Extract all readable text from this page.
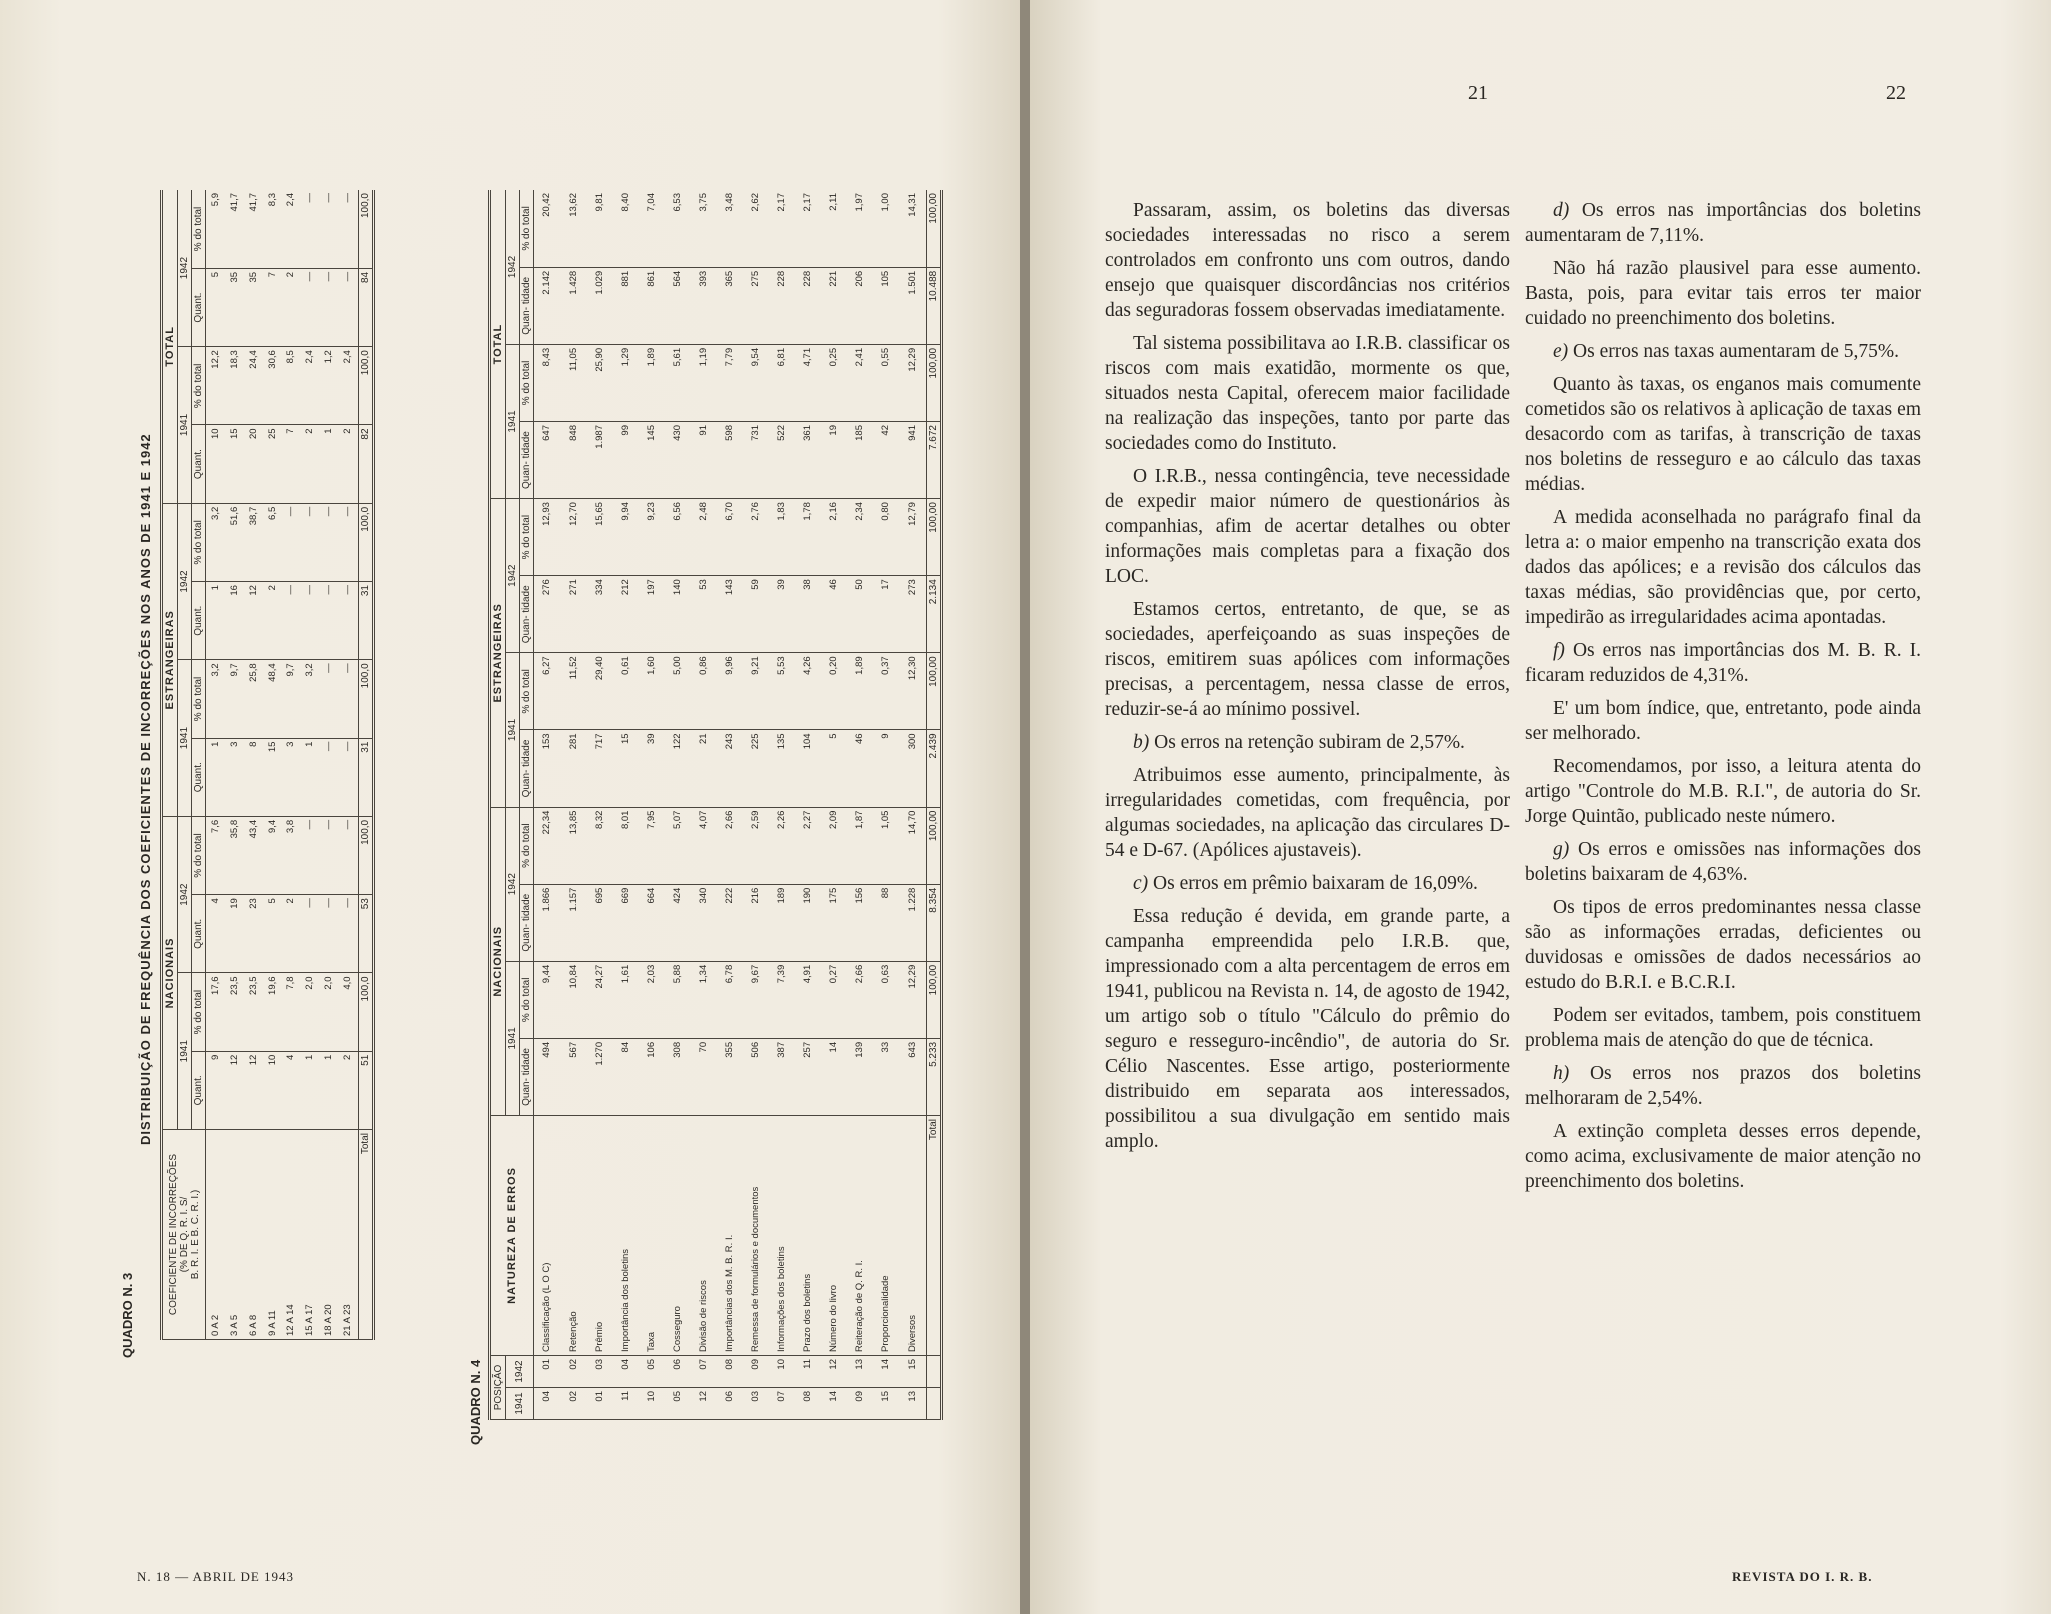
QUADRO N. 3
DISTRIBUIÇÃO DE FREQUÊNCIA DOS COEFICIENTES DE INCORREÇÕES NOS ANOS DE 1941 E 1942
COEFICIENTE DE INCORREÇÕES (% DE Q. R. I. S/ B. R. I. E B. C. R. I.)	NACIONAIS				ESTRANGEIRAS				TOTAL			
	1941		1942		1941		1942		1941		1942	
	Quant.	% do total	Quant.	% do total	Quant.	% do total	Quant.	% do total	Quant.	% do total	Quant.	% do total
0 A 2	9	17,6	4	7,6	1	3,2	1	3,2	10	12,2	5	5,9
3 A 5	12	23,5	19	35,8	3	9,7	16	51,6	15	18,3	35	41,7
6 A 8	12	23,5	23	43,4	8	25,8	12	38,7	20	24,4	35	41,7
9 A 11	10	19,6	5	9,4	15	48,4	2	6,5	25	30,6	7	8,3
12 A 14	4	7,8	2	3,8	3	9,7	—	—	7	8,5	2	2,4
15 A 17	1	2,0	—	—	1	3,2	—	—	2	2,4	—	—
18 A 20	1	2,0	—	—	—	—	—	—	1	1,2	—	—
21 A 23	2	4,0	—	—	—	—	—	—	2	2,4	—	—
Total	51	100,0	53	100,0	31	100,0	31	100,0	82	100,0	84	100,0
QUADRO N. 4 POSIÇÃO		NATUREZA DE ERROS	NACIONAIS				ESTRANGEIRAS				TOTAL			
1941	1942		1941		1942		1941		1942		1941		1942	
			Quan- tidade	% do total	Quan- tidade	% do total	Quan- tidade	% do total	Quan- tidade	% do total	Quan- tidade	% do total	Quan- tidade	% do total
04	01	Classificação (L O C)	494	9,44	1.866	22,34	153	6,27	276	12,93	647	8,43	2.142	20,42
02	02	Retenção	567	10,84	1.157	13,85	281	11,52	271	12,70	848	11,05	1.428	13,62
01	03	Prêmio	1.270	24,27	695	8,32	717	29,40	334	15,65	1.987	25,90	1.029	9,81
11	04	Importância dos boletins	84	1,61	669	8,01	15	0,61	212	9,94	99	1,29	881	8,40
10	05	Taxa	106	2,03	664	7,95	39	1,60	197	9,23	145	1,89	861	7,04
05	06	Cosseguro	308	5,88	424	5,07	122	5,00	140	6,56	430	5,61	564	6,53
12	07	Divisão de riscos	70	1,34	340	4,07	21	0,86	53	2,48	91	1,19	393	3,75
06	08	Importâncias dos M. B. R. I.	355	6,78	222	2,66	243	9,96	143	6,70	598	7,79	365	3,48
03	09	Remessa de formulários e documentos	506	9,67	216	2,59	225	9,21	59	2,76	731	9,54	275	2,62
07	10	Informações dos boletins	387	7,39	189	2,26	135	5,53	39	1,83	522	6,81	228	2,17
08	11	Prazo dos boletins	257	4,91	190	2,27	104	4,26	38	1,78	361	4,71	228	2,17
14	12	Número do livro	14	0,27	175	2,09	5	0,20	46	2,16	19	0,25	221	2,11
09	13	Reiteração de Q. R. I.	139	2,66	156	1,87	46	1,89	50	2,34	185	2,41	206	1,97
15	14	Proporcionalidade	33	0,63	88	1,05	9	0,37	17	0,80	42	0,55	105	1,00
13	15	Diversos	643	12,29	1.228	14,70	300	12,30	273	12,79	941	12,29	1.501	14,31
		Total	5.233	100,00	8.354	100,00	2.439	100,00	2.134	100,00	7.672	100,00	10.488	100,00
N. 18 — ABRIL DE 1943
21	22

Passaram, assim, os boletins das diversas sociedades interessadas no risco a serem controlados em confronto uns com outros, dando ensejo que quaisquer discordâncias nos critérios das seguradoras fossem observadas imediatamente.

Tal sistema possibilitava ao I.R.B. classificar os riscos com mais exatidão, mormente os que, situados nesta Capital, oferecem maior facilidade na realização das inspeções, tanto por parte das sociedades como do Instituto.

O I.R.B., nessa contingência, teve necessidade de expedir maior número de questionários às companhias, afim de acertar detalhes ou obter informações mais completas para a fixação dos LOC.

Estamos certos, entretanto, de que, se as sociedades, aperfeiçoando as suas inspeções de riscos, emitirem suas apólices com informações precisas, a percentagem, nessa classe de erros, reduzir-se-á ao mínimo possivel.

b) Os erros na retenção subiram de 2,57%.

Atribuimos esse aumento, principalmente, às irregularidades cometidas, com frequência, por algumas sociedades, na aplicação das circulares D-54 e D-67. (Apólices ajustaveis).

c) Os erros em prêmio baixaram de 16,09%.

Essa redução é devida, em grande parte, a campanha empreendida pelo I.R.B. que, impressionado com a alta percentagem de erros em 1941, publicou na Revista n. 14, de agosto de 1942, um artigo sob o título "Cálculo do prêmio do seguro e resseguro-incêndio", de autoria do Sr. Célio Nascentes. Esse artigo, posteriormente distribuido em separata aos interessados, possibilitou a sua divulgação em sentido mais amplo.

d) Os erros nas importâncias dos boletins aumentaram de 7,11%.

Não há razão plausivel para esse aumento. Basta, pois, para evitar tais erros ter maior cuidado no preenchimento dos boletins.

e) Os erros nas taxas aumentaram de 5,75%.

Quanto às taxas, os enganos mais comumente cometidos são os relativos à aplicação de taxas em desacordo com as tarifas, à transcrição de taxas nos boletins de resseguro e ao cálculo das taxas médias.

A medida aconselhada no parágrafo final da letra a: o maior empenho na transcrição exata dos dados das apólices; e a revisão dos cálculos das taxas médias, são providências que, por certo, impedirão as irregularidades acima apontadas.

f) Os erros nas importâncias dos M. B. R. I. ficaram reduzidos de 4,31%.

E' um bom índice, que, entretanto, pode ainda ser melhorado.

Recomendamos, por isso, a leitura atenta do artigo "Controle do M.B. R.I.", de autoria do Sr. Jorge Quintão, publicado neste número.

g) Os erros e omissões nas informações dos boletins baixaram de 4,63%.

Os tipos de erros predominantes nessa classe são as informações erradas, deficientes ou duvidosas e omissões de dados necessários ao estudo do B.R.I. e B.C.R.I.

Podem ser evitados, tambem, pois constituem problema mais de atenção do que de técnica.

h) Os erros nos prazos dos boletins melhoraram de 2,54%.

A extinção completa desses erros depende, como acima, exclusivamente de maior atenção no preenchimento dos boletins.

REVISTA DO I. R. B.
